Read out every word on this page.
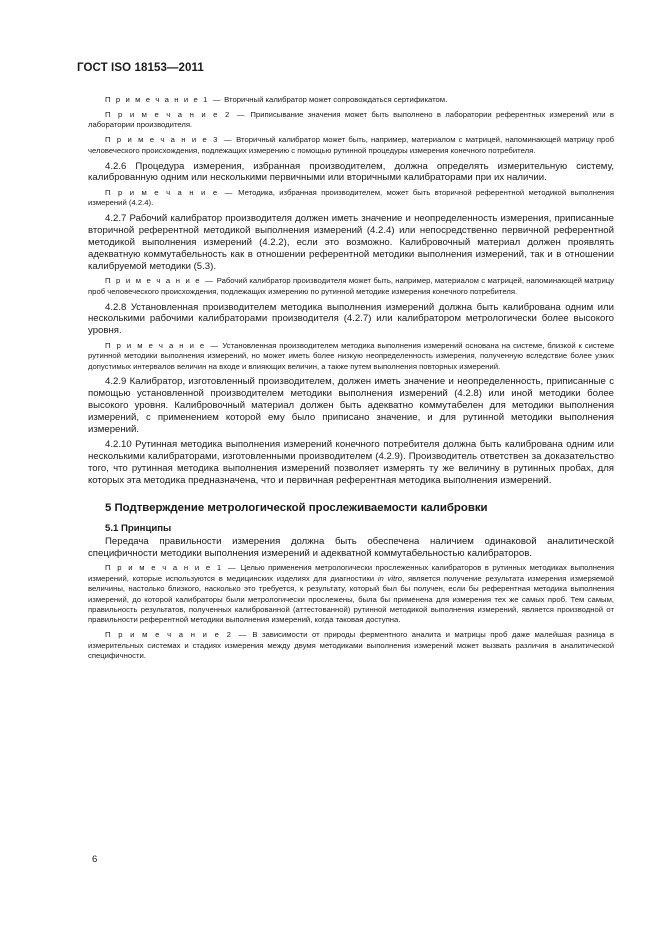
ГОСТ ISO 18153—2011

П р и м е ч а н и е 1 — Вторичный калибратор может сопровождаться сертификатом.

П р и м е ч а н и е 2 — Приписывание значения может быть выполнено в лаборатории референтных измерений или в лаборатории производителя.

П р и м е ч а н и е 3 — Вторичный калибратор может быть, например, материалом с матрицей, напоминающей матрицу проб человеческого происхождения, подлежащих измерению с помощью рутинной процедуры измерения конечного потребителя.

4.2.6 Процедура измерения, избранная производителем, должна определять измерительную систему, калиброванную одним или несколькими первичными или вторичными калибраторами при их наличии.

П р и м е ч а н и е — Методика, избранная производителем, может быть вторичной референтной методикой выполнения измерений (4.2.4).

4.2.7 Рабочий калибратор производителя должен иметь значение и неопределенность измерения, приписанные вторичной референтной методикой выполнения измерений (4.2.4) или непосредственно первичной референтной методикой выполнения измерений (4.2.2), если это возможно. Калибровочный материал должен проявлять адекватную коммутабельность как в отношении референтной методики выполнения измерений, так и в отношении калибруемой методики (5.3).

П р и м е ч а н и е — Рабочий калибратор производителя может быть, например, материалом с матрицей, напоминающей матрицу проб человеческого происхождения, подлежащих измерению по рутинной методике измерения конечного потребителя.

4.2.8 Установленная производителем методика выполнения измерений должна быть калиброванa одним или несколькими рабочими калибраторами производителя (4.2.7) или калибратором метрологически более высокого уровня.

П р и м е ч а н и е — Установленная производителем методика выполнения измерений основана на системе, близкой к системе рутинной методики выполнения измерений, но может иметь более низкую неопределенность измерения, полученную вследствие более узких допустимых интервалов величин на входе и влияющих величин, а также путем выполнения повторных измерений.

4.2.9 Калибратор, изготовленный производителем, должен иметь значение и неопределенность, приписанные с помощью установленной производителем методики выполнения измерений (4.2.8) или иной методики более высокого уровня. Калибровочный материал должен быть адекватно коммутабелен для методики выполнения измерений, с применением которой ему было приписано значение, и для рутинной методики выполнения измерений.

4.2.10 Рутинная методика выполнения измерений конечного потребителя должна быть калиброванa одним или несколькими калибраторами, изготовленными производителем (4.2.9). Производитель ответствен за доказательство того, что рутинная методика выполнения измерений позволяет измерять ту же величину в рутинных пробах, для которых эта методика предназначена, что и первичная референтная методика выполнения измерений.

5 Подтверждение метрологической прослеживаемости калибровки
5.1 Принципы

Передача правильности измерения должна быть обеспечена наличием одинаковой аналитической специфичности методики выполнения измерений и адекватной коммутабельностью калибраторов.

П р и м е ч а н и е 1 — Целью применения метрологически прослеженных калибраторов в рутинных методиках выполнения измерений, которые используются в медицинских изделиях для диагностики in vitro, является получение результата измерения измеряемой величины, настолько близкого, насколько это требуется, к результату, который был бы получен, если бы референтная методика выполнения измерений, до которой калибраторы были метрологически прослежены, была бы применена для измерения тех же самых проб. Тем самым, правильность результатов, полученных калиброванной (аттестованной) рутинной методикой выполнения измерений, является производной от правильности референтной методики выполнения измерений, когда таковая доступна.

П р и м е ч а н и е 2 — В зависимости от природы ферментного аналита и матрицы проб даже малейшая разница в измерительных системах и стадиях измерения между двумя методиками выполнения измерений может вызвать различия в аналитической специфичности.

6
